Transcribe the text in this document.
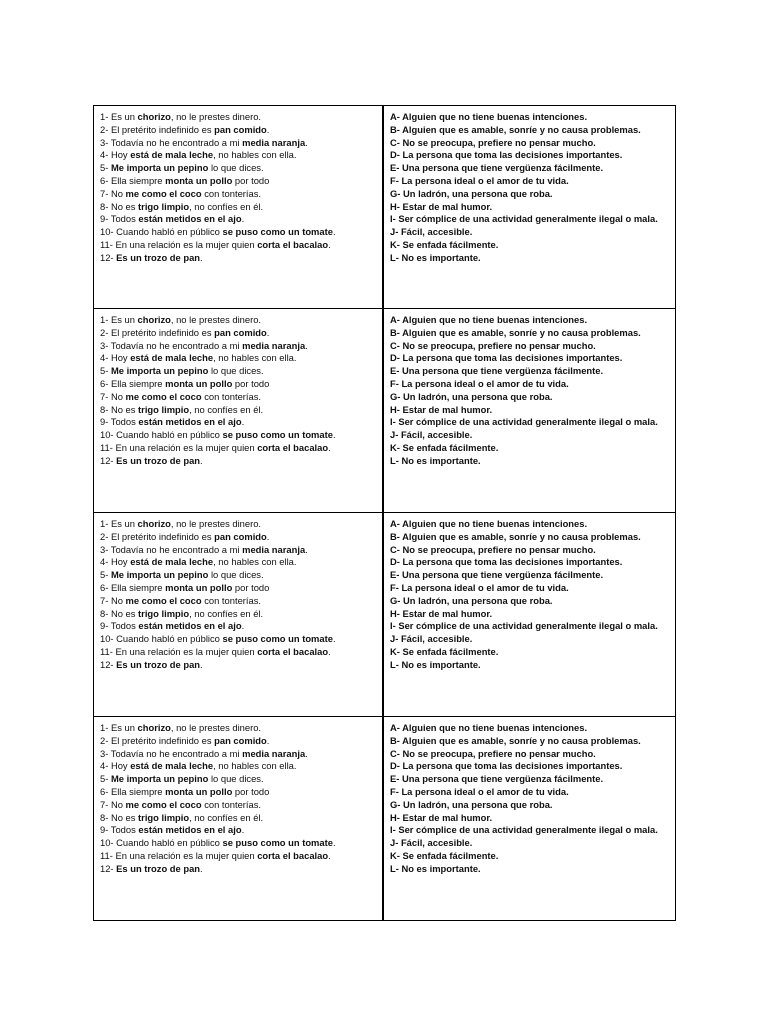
1- Es un chorizo, no le prestes dinero.
2- El pretérito indefinido es pan comido.
3- Todavía no he encontrado a mi media naranja.
4- Hoy está de mala leche, no hables con ella.
5- Me importa un pepino lo que dices.
6- Ella siempre monta un pollo por todo
7- No me como el coco con tonterías.
8- No es trigo limpio, no confíes en él.
9- Todos están metidos en el ajo.
10- Cuando habló en público se puso como un tomate.
11- En una relación es la mujer quien corta el bacalao.
12- Es un trozo de pan.
A- Alguien que no tiene buenas intenciones.
B- Alguien que es amable, sonríe y no causa problemas.
C- No se preocupa, prefiere no pensar mucho.
D- La persona que toma las decisiones importantes.
E- Una persona que tiene vergüenza fácilmente.
F- La persona ideal o el amor de tu vida.
G- Un ladrón, una persona que roba.
H- Estar de mal humor.
I- Ser cómplice de una actividad generalmente ilegal o mala.
J- Fácil, accesible.
K- Se enfada fácilmente.
L- No es importante.
1- Es un chorizo, no le prestes dinero.
2- El pretérito indefinido es pan comido.
3- Todavía no he encontrado a mi media naranja.
4- Hoy está de mala leche, no hables con ella.
5- Me importa un pepino lo que dices.
6- Ella siempre monta un pollo por todo
7- No me como el coco con tonterías.
8- No es trigo limpio, no confíes en él.
9- Todos están metidos en el ajo.
10- Cuando habló en público se puso como un tomate.
11- En una relación es la mujer quien corta el bacalao.
12- Es un trozo de pan.
A- Alguien que no tiene buenas intenciones.
B- Alguien que es amable, sonríe y no causa problemas.
C- No se preocupa, prefiere no pensar mucho.
D- La persona que toma las decisiones importantes.
E- Una persona que tiene vergüenza fácilmente.
F- La persona ideal o el amor de tu vida.
G- Un ladrón, una persona que roba.
H- Estar de mal humor.
I- Ser cómplice de una actividad generalmente ilegal o mala.
J- Fácil, accesible.
K- Se enfada fácilmente.
L- No es importante.
1- Es un chorizo, no le prestes dinero.
2- El pretérito indefinido es pan comido.
3- Todavía no he encontrado a mi media naranja.
4- Hoy está de mala leche, no hables con ella.
5- Me importa un pepino lo que dices.
6- Ella siempre monta un pollo por todo
7- No me como el coco con tonterías.
8- No es trigo limpio, no confíes en él.
9- Todos están metidos en el ajo.
10- Cuando habló en público se puso como un tomate.
11- En una relación es la mujer quien corta el bacalao.
12- Es un trozo de pan.
A- Alguien que no tiene buenas intenciones.
B- Alguien que es amable, sonríe y no causa problemas.
C- No se preocupa, prefiere no pensar mucho.
D- La persona que toma las decisiones importantes.
E- Una persona que tiene vergüenza fácilmente.
F- La persona ideal o el amor de tu vida.
G- Un ladrón, una persona que roba.
H- Estar de mal humor.
I- Ser cómplice de una actividad generalmente ilegal o mala.
J- Fácil, accesible.
K- Se enfada fácilmente.
L- No es importante.
1- Es un chorizo, no le prestes dinero.
2- El pretérito indefinido es pan comido.
3- Todavía no he encontrado a mi media naranja.
4- Hoy está de mala leche, no hables con ella.
5- Me importa un pepino lo que dices.
6- Ella siempre monta un pollo por todo
7- No me como el coco con tonterías.
8- No es trigo limpio, no confíes en él.
9- Todos están metidos en el ajo.
10- Cuando habló en público se puso como un tomate.
11- En una relación es la mujer quien corta el bacalao.
12- Es un trozo de pan.
A- Alguien que no tiene buenas intenciones.
B- Alguien que es amable, sonríe y no causa problemas.
C- No se preocupa, prefiere no pensar mucho.
D- La persona que toma las decisiones importantes.
E- Una persona que tiene vergüenza fácilmente.
F- La persona ideal o el amor de tu vida.
G- Un ladrón, una persona que roba.
H- Estar de mal humor.
I- Ser cómplice de una actividad generalmente ilegal o mala.
J- Fácil, accesible.
K- Se enfada fácilmente.
L- No es importante.
